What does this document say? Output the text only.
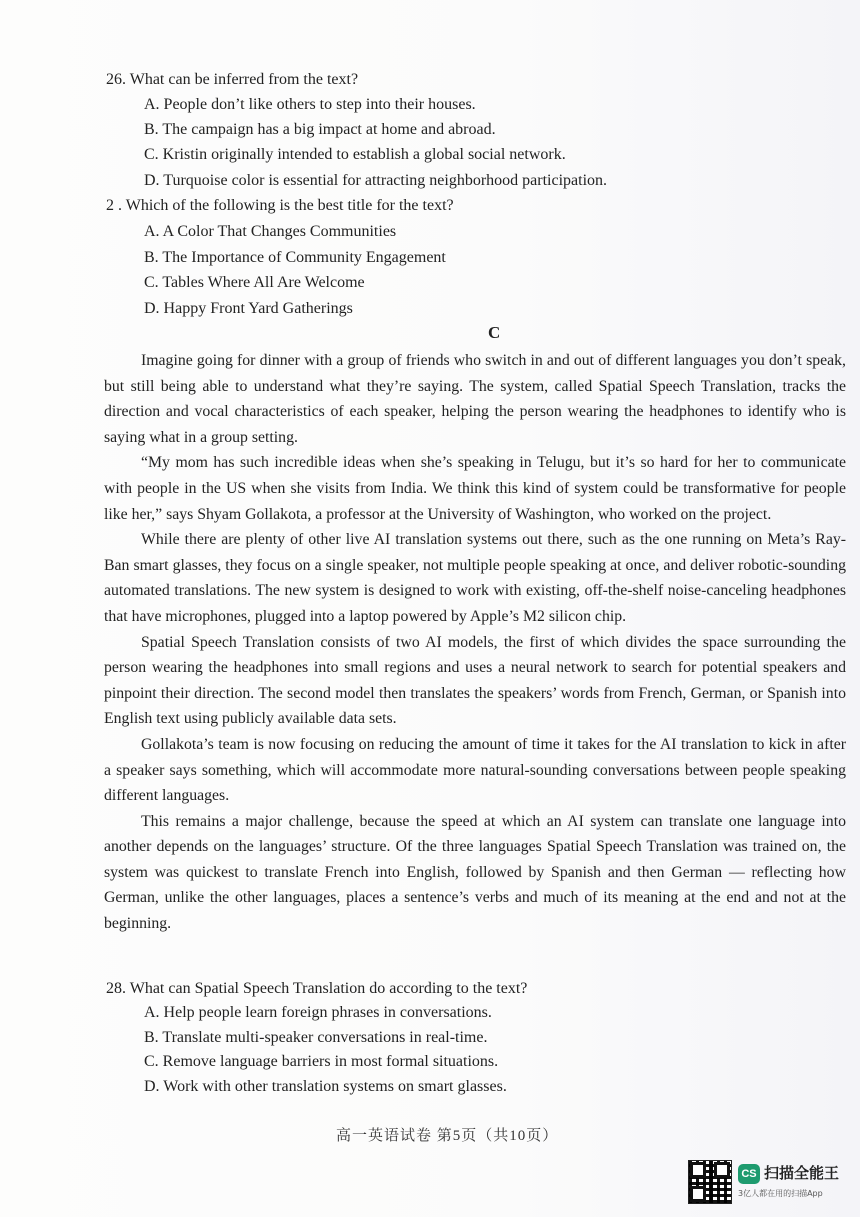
26. What can be inferred from the text?
A. People don’t like others to step into their houses.
B. The campaign has a big impact at home and abroad.
C. Kristin originally intended to establish a global social network.
D. Turquoise color is essential for attracting neighborhood participation.
2 . Which of the following is the best title for the text?
A. A Color That Changes Communities
B. The Importance of Community Engagement
C. Tables Where All Are Welcome
D. Happy Front Yard Gatherings
C

Imagine going for dinner with a group of friends who switch in and out of different languages you don’t speak, but still being able to understand what they’re saying. The system, called Spatial Speech Translation, tracks the direction and vocal characteristics of each speaker, helping the person wearing the headphones to identify who is saying what in a group setting.

“My mom has such incredible ideas when she’s speaking in Telugu, but it’s so hard for her to communicate with people in the US when she visits from India. We think this kind of system could be transformative for people like her,” says Shyam Gollakota, a professor at the University of Washington, who worked on the project.

While there are plenty of other live AI translation systems out there, such as the one running on Meta’s Ray-Ban smart glasses, they focus on a single speaker, not multiple people speaking at once, and deliver robotic-sounding automated translations. The new system is designed to work with existing, off-the-shelf noise-canceling headphones that have microphones, plugged into a laptop powered by Apple’s M2 silicon chip.

Spatial Speech Translation consists of two AI models, the first of which divides the space surrounding the person wearing the headphones into small regions and uses a neural network to search for potential speakers and pinpoint their direction. The second model then translates the speakers’ words from French, German, or Spanish into English text using publicly available data sets.

Gollakota’s team is now focusing on reducing the amount of time it takes for the AI translation to kick in after a speaker says something, which will accommodate more natural-sounding conversations between people speaking different languages.

This remains a major challenge, because the speed at which an AI system can translate one language into another depends on the languages’ structure. Of the three languages Spatial Speech Translation was trained on, the system was quickest to translate French into English, followed by Spanish and then German — reflecting how German, unlike the other languages, places a sentence’s verbs and much of its meaning at the end and not at the beginning.

28. What can Spatial Speech Translation do according to the text?
A. Help people learn foreign phrases in conversations.
B. Translate multi-speaker conversations in real-time.
C. Remove language barriers in most formal situations.
D. Work with other translation systems on smart glasses.
高一英语试卷 第5页（共10页）
CS 扫描全能王
3亿人都在用的扫描App
